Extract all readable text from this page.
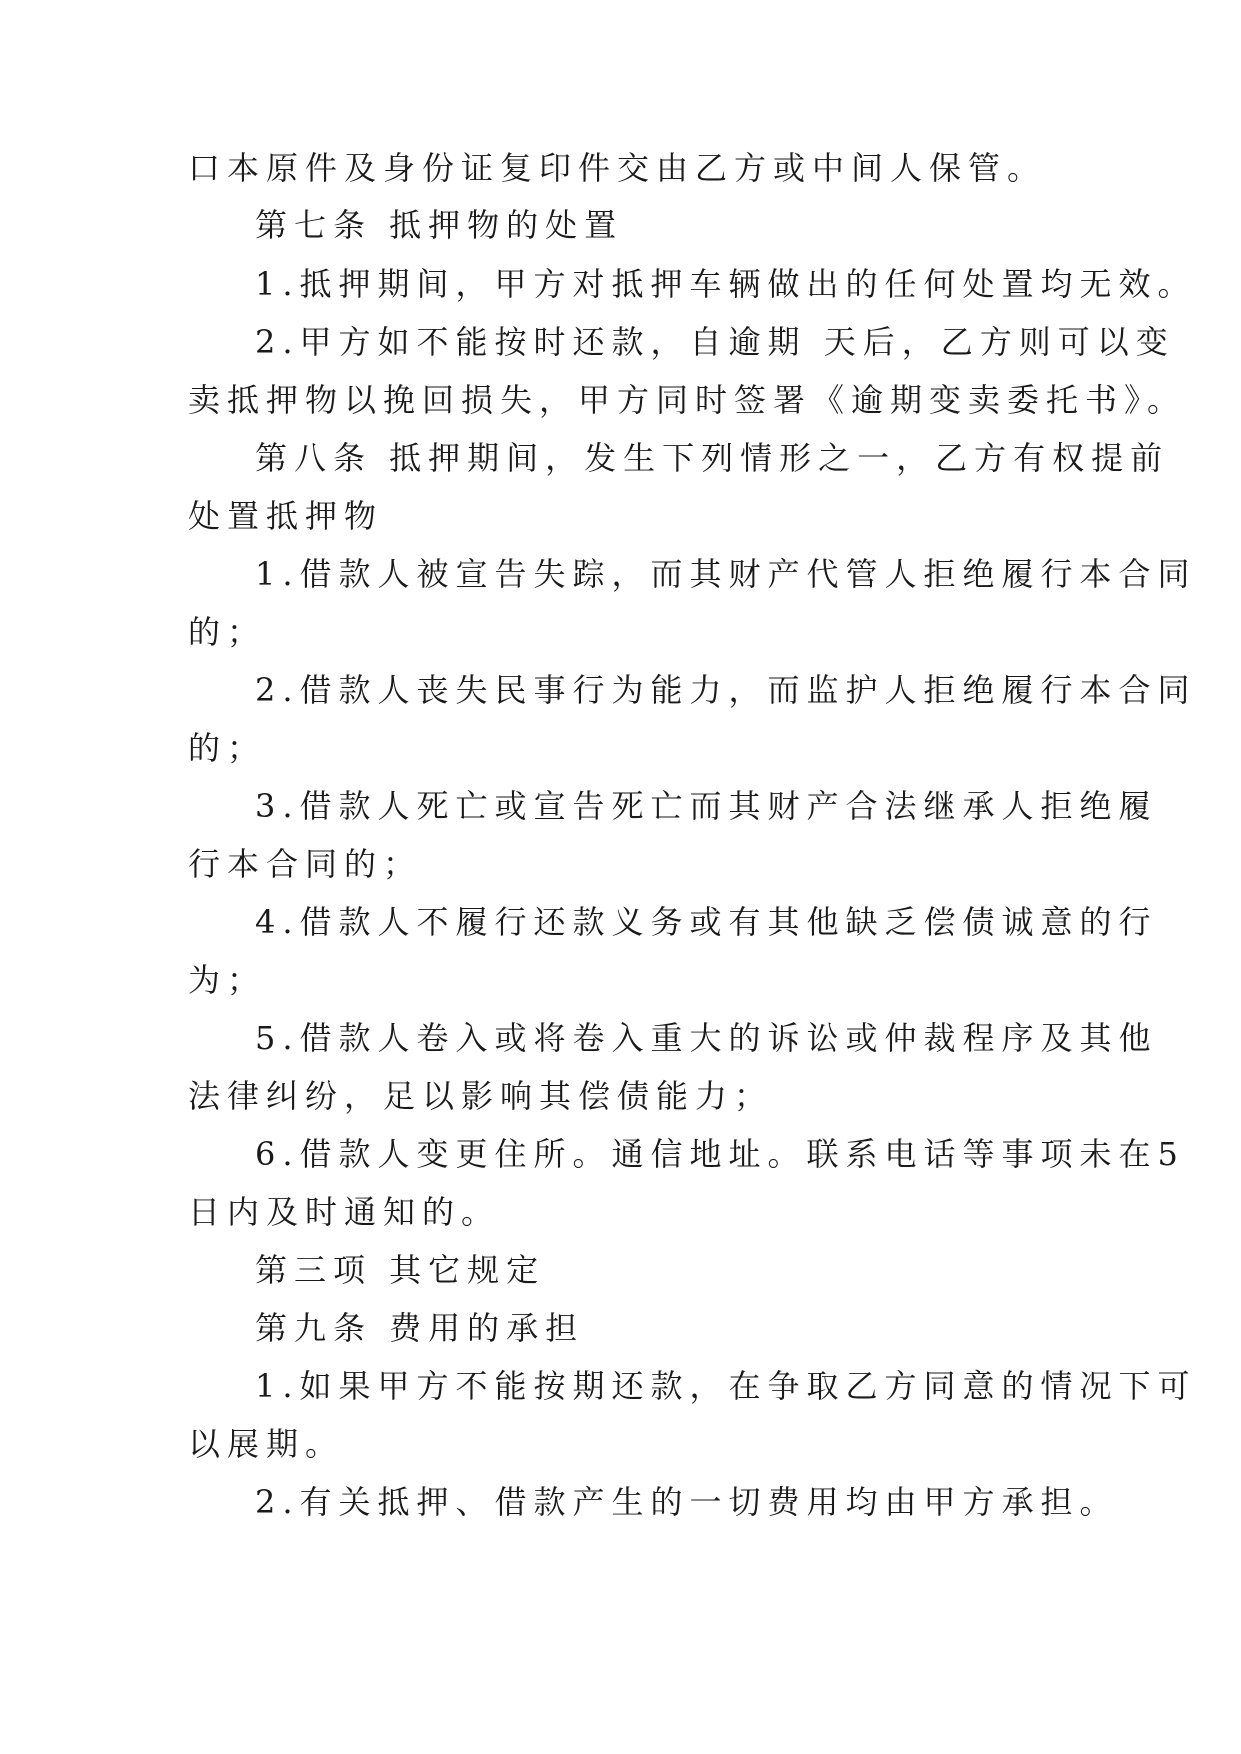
口本原件及身份证复印件交由乙方或中间人保管。
第七条 抵押物的处置
1.抵押期间，甲方对抵押车辆做出的任何处置均无效。
2.甲方如不能按时还款，自逾期 天后，乙方则可以变
卖抵押物以挽回损失，甲方同时签署《逾期变卖委托书》。
第八条 抵押期间，发生下列情形之一，乙方有权提前
处置抵押物
1.借款人被宣告失踪，而其财产代管人拒绝履行本合同
的；
2.借款人丧失民事行为能力，而监护人拒绝履行本合同
的；
3.借款人死亡或宣告死亡而其财产合法继承人拒绝履
行本合同的；
4.借款人不履行还款义务或有其他缺乏偿债诚意的行
为；
5.借款人卷入或将卷入重大的诉讼或仲裁程序及其他
法律纠纷，足以影响其偿债能力；
6.借款人变更住所。通信地址。联系电话等事项未在5
日内及时通知的。
第三项 其它规定
第九条 费用的承担
1.如果甲方不能按期还款，在争取乙方同意的情况下可
以展期。
2.有关抵押、借款产生的一切费用均由甲方承担。
